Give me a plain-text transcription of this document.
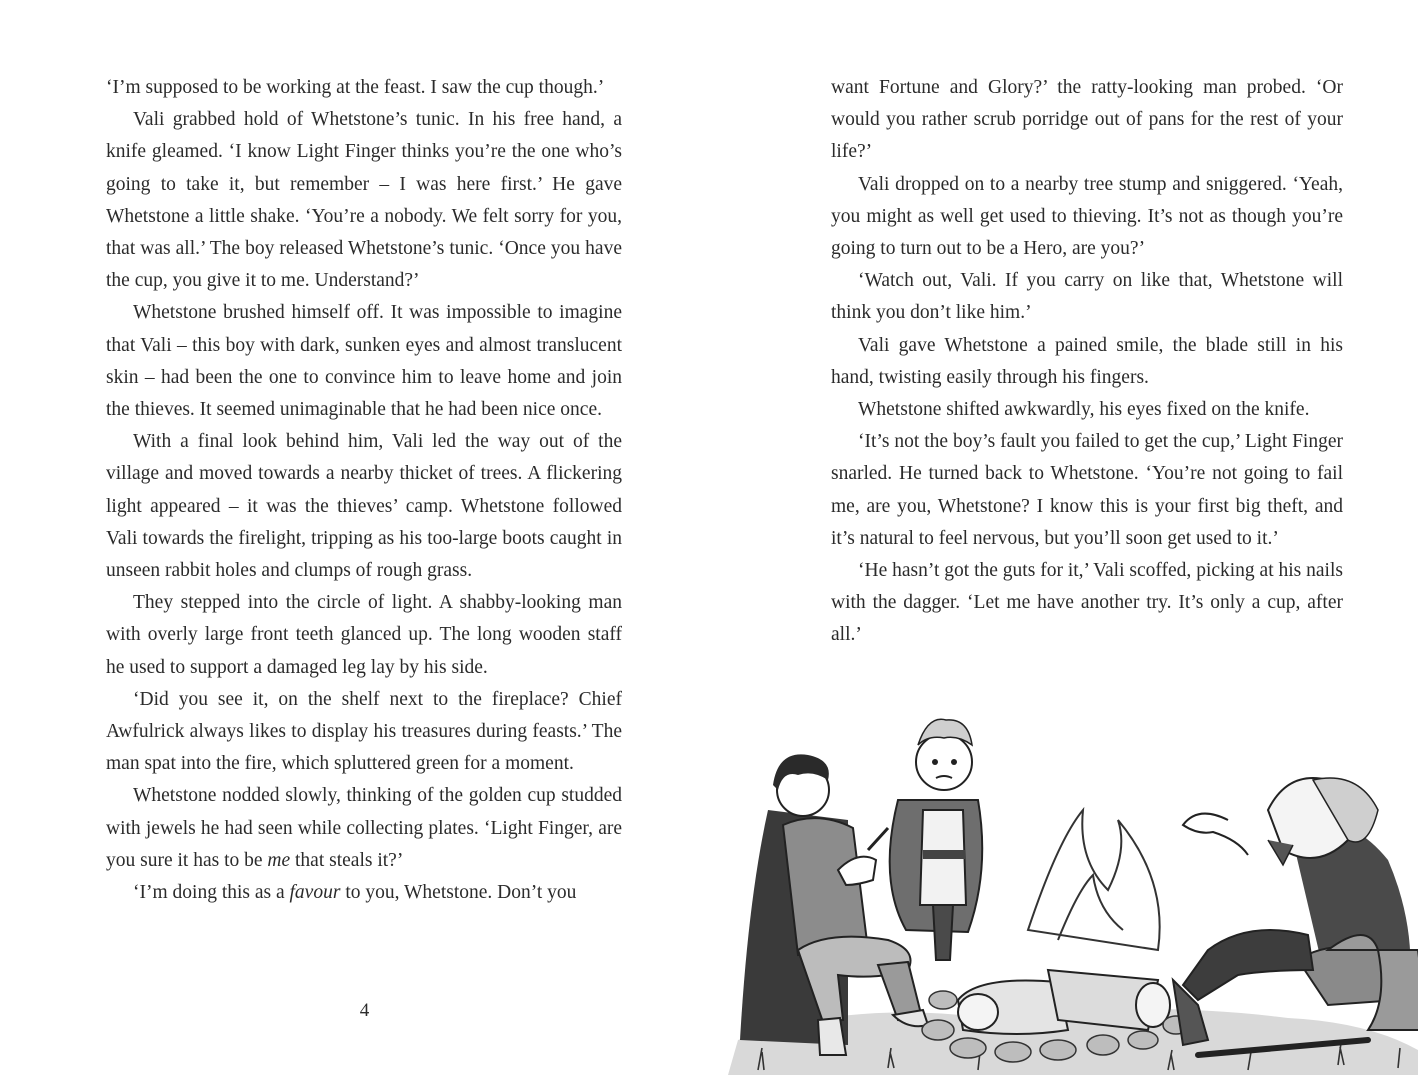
‘I’m supposed to be working at the feast. I saw the cup though.’

Vali grabbed hold of Whetstone’s tunic. In his free hand, a knife gleamed. ‘I know Light Finger thinks you’re the one who’s going to take it, but remember – I was here first.’ He gave Whetstone a little shake. ‘You’re a nobody. We felt sorry for you, that was all.’ The boy released Whetstone’s tunic. ‘Once you have the cup, you give it to me. Understand?’

Whetstone brushed himself off. It was impossible to imagine that Vali – this boy with dark, sunken eyes and almost translucent skin – had been the one to convince him to leave home and join the thieves. It seemed unimaginable that he had been nice once.

With a final look behind him, Vali led the way out of the village and moved towards a nearby thicket of trees. A flickering light appeared – it was the thieves’ camp. Whetstone followed Vali towards the firelight, tripping as his too-large boots caught in unseen rabbit holes and clumps of rough grass.

They stepped into the circle of light. A shabby-looking man with overly large front teeth glanced up. The long wooden staff he used to support a damaged leg lay by his side.

‘Did you see it, on the shelf next to the fireplace? Chief Awfulrick always likes to display his treasures during feasts.’ The man spat into the fire, which spluttered green for a moment.

Whetstone nodded slowly, thinking of the golden cup studded with jewels he had seen while collecting plates. ‘Light Finger, are you sure it has to be me that steals it?’

‘I’m doing this as a favour to you, Whetstone. Don’t you

4

want Fortune and Glory?’ the ratty-looking man probed. ‘Or would you rather scrub porridge out of pans for the rest of your life?’

Vali dropped on to a nearby tree stump and sniggered. ‘Yeah, you might as well get used to thieving. It’s not as though you’re going to turn out to be a Hero, are you?’

‘Watch out, Vali. If you carry on like that, Whetstone will think you don’t like him.’

Vali gave Whetstone a pained smile, the blade still in his hand, twisting easily through his fingers.

Whetstone shifted awkwardly, his eyes fixed on the knife.

‘It’s not the boy’s fault you failed to get the cup,’ Light Finger snarled. He turned back to Whetstone. ‘You’re not going to fail me, are you, Whetstone? I know this is your first big theft, and it’s natural to feel nervous, but you’ll soon get used to it.’

‘He hasn’t got the guts for it,’ Vali scoffed, picking at his nails with the dagger. ‘Let me have another try. It’s only a cup, after all.’
